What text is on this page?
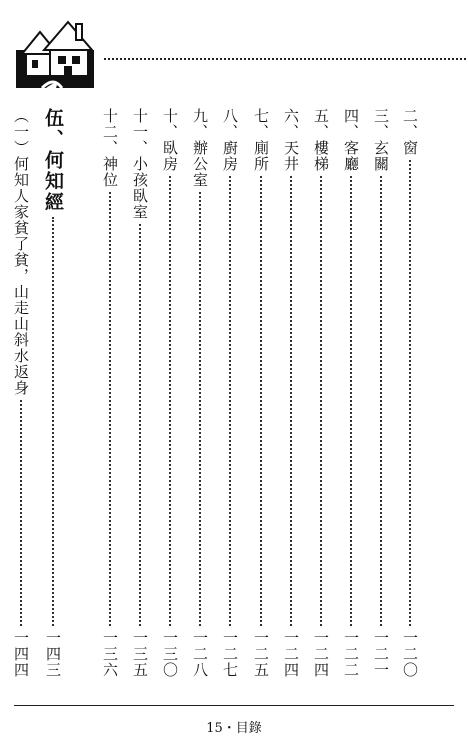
二、窗
一二〇
三、玄關
一二一
四、客廳
一二二
五、樓梯
一二四
六、天井
一二四
七、廁所
一二五
八、廚房
一二七
九、辦公室
一二八
十、臥房
一三〇
十一、小孩臥室
一三五
十二、神位
一三六
伍、何知經
一四三
（一）何知人家貧了貧，山走山斜水返身
一四四
15・目錄
